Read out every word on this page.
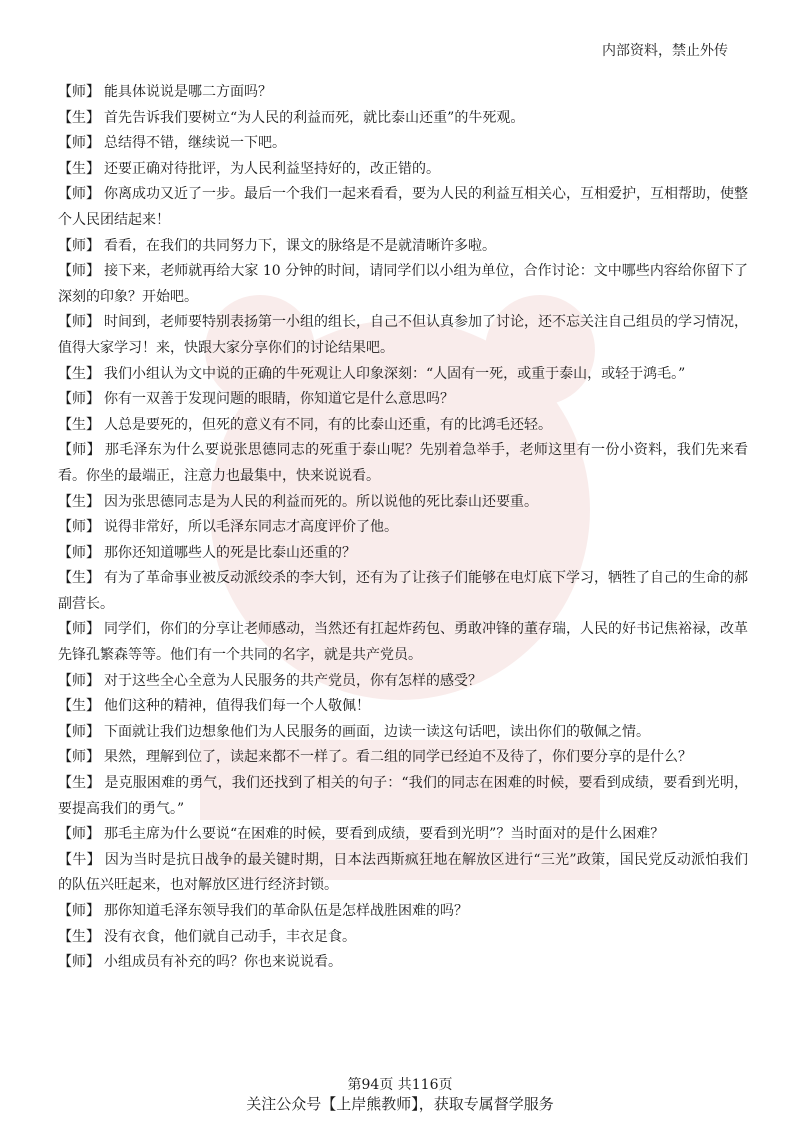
内部资料，禁止外传

【师】 能具体说说是哪二方面吗？

【生】 首先告诉我们要树立“为人民的利益而死，就比泰山还重”的牛死观。

【师】 总结得不错，继续说一下吧。

【生】 还要正确对待批评，为人民利益坚持好的，改正错的。

【师】 你离成功又近了一步。最后一个我们一起来看看，要为人民的利益互相关心，互相爱护，互相帮助，使整个人民团结起来！

【师】 看看，在我们的共同努力下，课文的脉络是不是就清晰许多啦。

【师】 接下来，老师就再给大家 10 分钟的时间，请同学们以小组为单位，合作讨论：文中哪些内容给你留下了深刻的印象？开始吧。

【师】 时间到，老师要特别表扬第一小组的组长，自己不但认真参加了讨论，还不忘关注自己组员的学习情况，值得大家学习！来，快跟大家分享你们的讨论结果吧。

【生】 我们小组认为文中说的正确的牛死观让人印象深刻：“人固有一死，或重于泰山，或轻于鸿毛。”

【师】 你有一双善于发现问题的眼睛，你知道它是什么意思吗？

【生】 人总是要死的，但死的意义有不同，有的比泰山还重，有的比鸿毛还轻。

【师】 那毛泽东为什么要说张思德同志的死重于泰山呢？先别着急举手，老师这里有一份小资料，我们先来看看。你坐的最端正，注意力也最集中，快来说说看。

【生】 因为张思德同志是为人民的利益而死的。所以说他的死比泰山还要重。

【师】 说得非常好，所以毛泽东同志才高度评价了他。

【师】 那你还知道哪些人的死是比泰山还重的？

【生】 有为了革命事业被反动派绞杀的李大钊，还有为了让孩子们能够在电灯底下学习，牺牲了自己的生命的郝副营长。

【师】 同学们，你们的分享让老师感动，当然还有扛起炸药包、勇敢冲锋的董存瑞，人民的好书记焦裕禄，改革先锋孔繁森等等。他们有一个共同的名字，就是共产党员。

【师】 对于这些全心全意为人民服务的共产党员，你有怎样的感受？

【生】 他们这种的精神，值得我们每一个人敬佩！

【师】 下面就让我们边想象他们为人民服务的画面，边读一读这句话吧，读出你们的敬佩之情。

【师】 果然，理解到位了，读起来都不一样了。看二组的同学已经迫不及待了，你们要分享的是什么？

【生】 是克服困难的勇气，我们还找到了相关的句子：“我们的同志在困难的时候，要看到成绩，要看到光明，要提高我们的勇气。”

【师】 那毛主席为什么要说“在困难的时候，要看到成绩，要看到光明”？当时面对的是什么困难？

【牛】 因为当时是抗日战争的最关键时期，日本法西斯疯狂地在解放区进行“三光”政策，国民党反动派怕我们的队伍兴旺起来，也对解放区进行经济封锁。

【师】 那你知道毛泽东领导我们的革命队伍是怎样战胜困难的吗？

【生】 没有衣食，他们就自己动手，丰衣足食。

【师】 小组成员有补充的吗？你也来说说看。

第94页 共116页
关注公众号【上岸熊教师】，获取专属督学服务
